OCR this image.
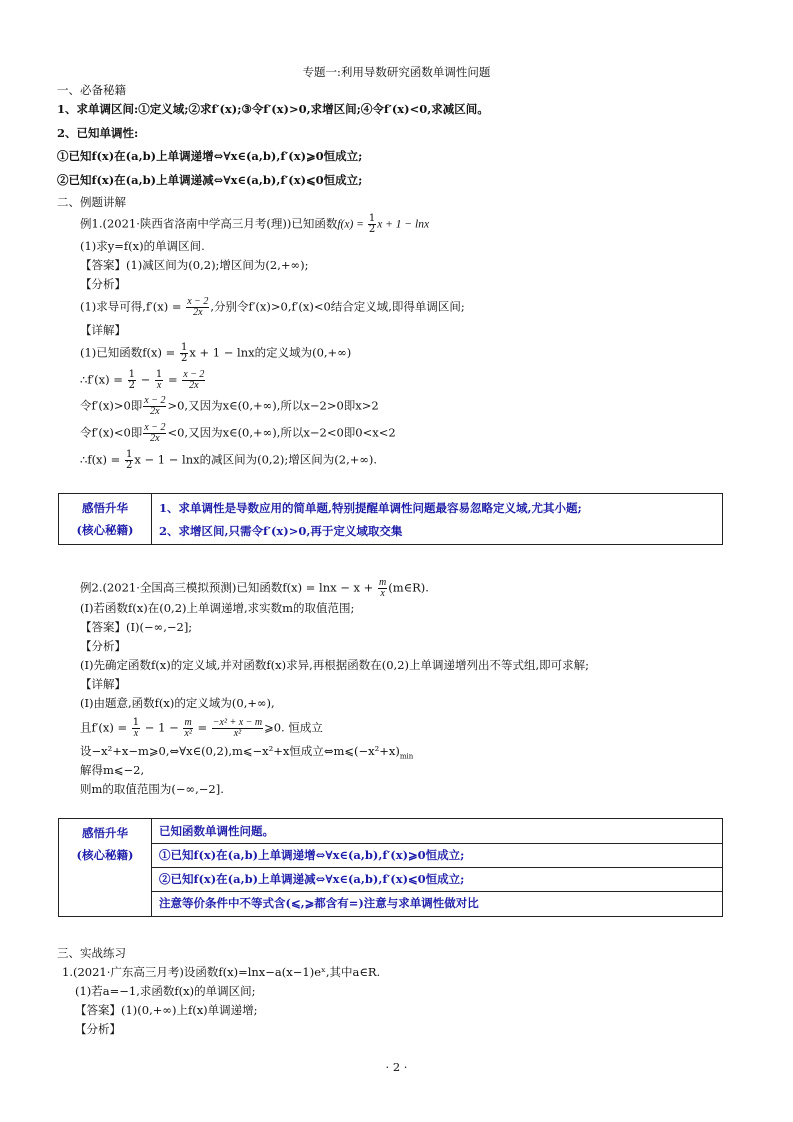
专题一:利用导数研究函数单调性问题
一、必备秘籍
1、求单调区间:①定义域;②求f′(x);③令f′(x)>0,求增区间;④令f′(x)<0,求减区间。
2、已知单调性:
①已知f(x)在(a,b)上单调递增⇔∀x∈(a,b),f′(x)⩾0恒成立;
②已知f(x)在(a,b)上单调递减⇔∀x∈(a,b),f′(x)⩽0恒成立;
二、例题讲解
例1.(2021·陕西省洛南中学高三月考(理))已知函数$f(x) = \frac{1}{2}$ x + 1 − lnx
(1)求y=f(x)的单调区间.
【答案】(1)减区间为(0,2);增区间为(2,+∞);
【分析】
(1)求导可得$,f'(x) = \frac{x - 2}{2x}$ ,分别令f′(x)>0,f′(x)<0结合定义域,即得单调区间;
【详解】
(1)已知函数$f(x) = \frac{1}{2}$ x + 1 − lnx的定义域为(0,+∞)
∴f′(x) = $\frac{1}{2} - \frac{1}{x} = \frac{x - 2}{2x}$
令f′(x)>0即 $\frac{x - 2}{2x} >0$,又因为x∈(0,+∞),所以x−2>0即x>2
令f′(x)<0即 $\frac{x - 2}{2x} <0$,又因为x∈(0,+∞),所以x−2<0即0<x<2
∴f(x) = $\frac{1}{2}$ x − 1 − lnx的减区间为(0,2);增区间为(2,+∞).
感悟升华
(核心秘籍)
1、求单调性是导数应用的简单题,特别提醒单调性问题最容易忽略定义域,尤其小题;
2、求增区间,只需令f′(x)>0,再于定义域取交集
例2.(2021·全国高三模拟预测)已知函数$f(x) = \ln x - x + \frac{m}{x}$ (m∈R).
(Ⅰ)若函数f(x)在(0,2)上单调递增,求实数m的取值范围;
【答案】(Ⅰ)(−∞,−2];
【分析】
(Ⅰ)先确定函数f(x)的定义域,并对函数f(x)求异,再根据函数在(0,2)上单调递增列出不等式组,即可求解;
【详解】
(Ⅰ)由题意,函数f(x)的定义域为(0,+∞),
且$f'(x) = \frac{1}{x} - 1 - \frac{m}{\text{x²}} = \frac{\text{−x² + x − m}}{\text{x²}}$ ⩾0. 恒成立
设−x²+x−m⩾0,⇔∀x∈(0,2),m⩽−x²+x恒成立$\Leftrightarrow m⩽(-x^2+x)_{min}$
解得m⩽−2,
则m的取值范围为(−∞,−2].
感悟升华
(核心秘籍)
已知函数单调性问题。
①已知f(x)在(a,b)上单调递增⇔∀x∈(a,b),f′(x)⩾0恒成立;
②已知f(x)在(a,b)上单调递减⇔∀x∈(a,b),f′(x)⩽0恒成立;
注意等价条件中不等式含(⩽,⩾都含有=)注意与求单调性做对比
三、实战练习
1.(2021·广东高三月考)设函数f(x)=lnx−a(x−1)eˣ,其中a∈R.
(1)若a=−1,求函数f(x)的单调区间;
【答案】(1)(0,+∞)上f(x)单调递增;
【分析】
· 2 ·
